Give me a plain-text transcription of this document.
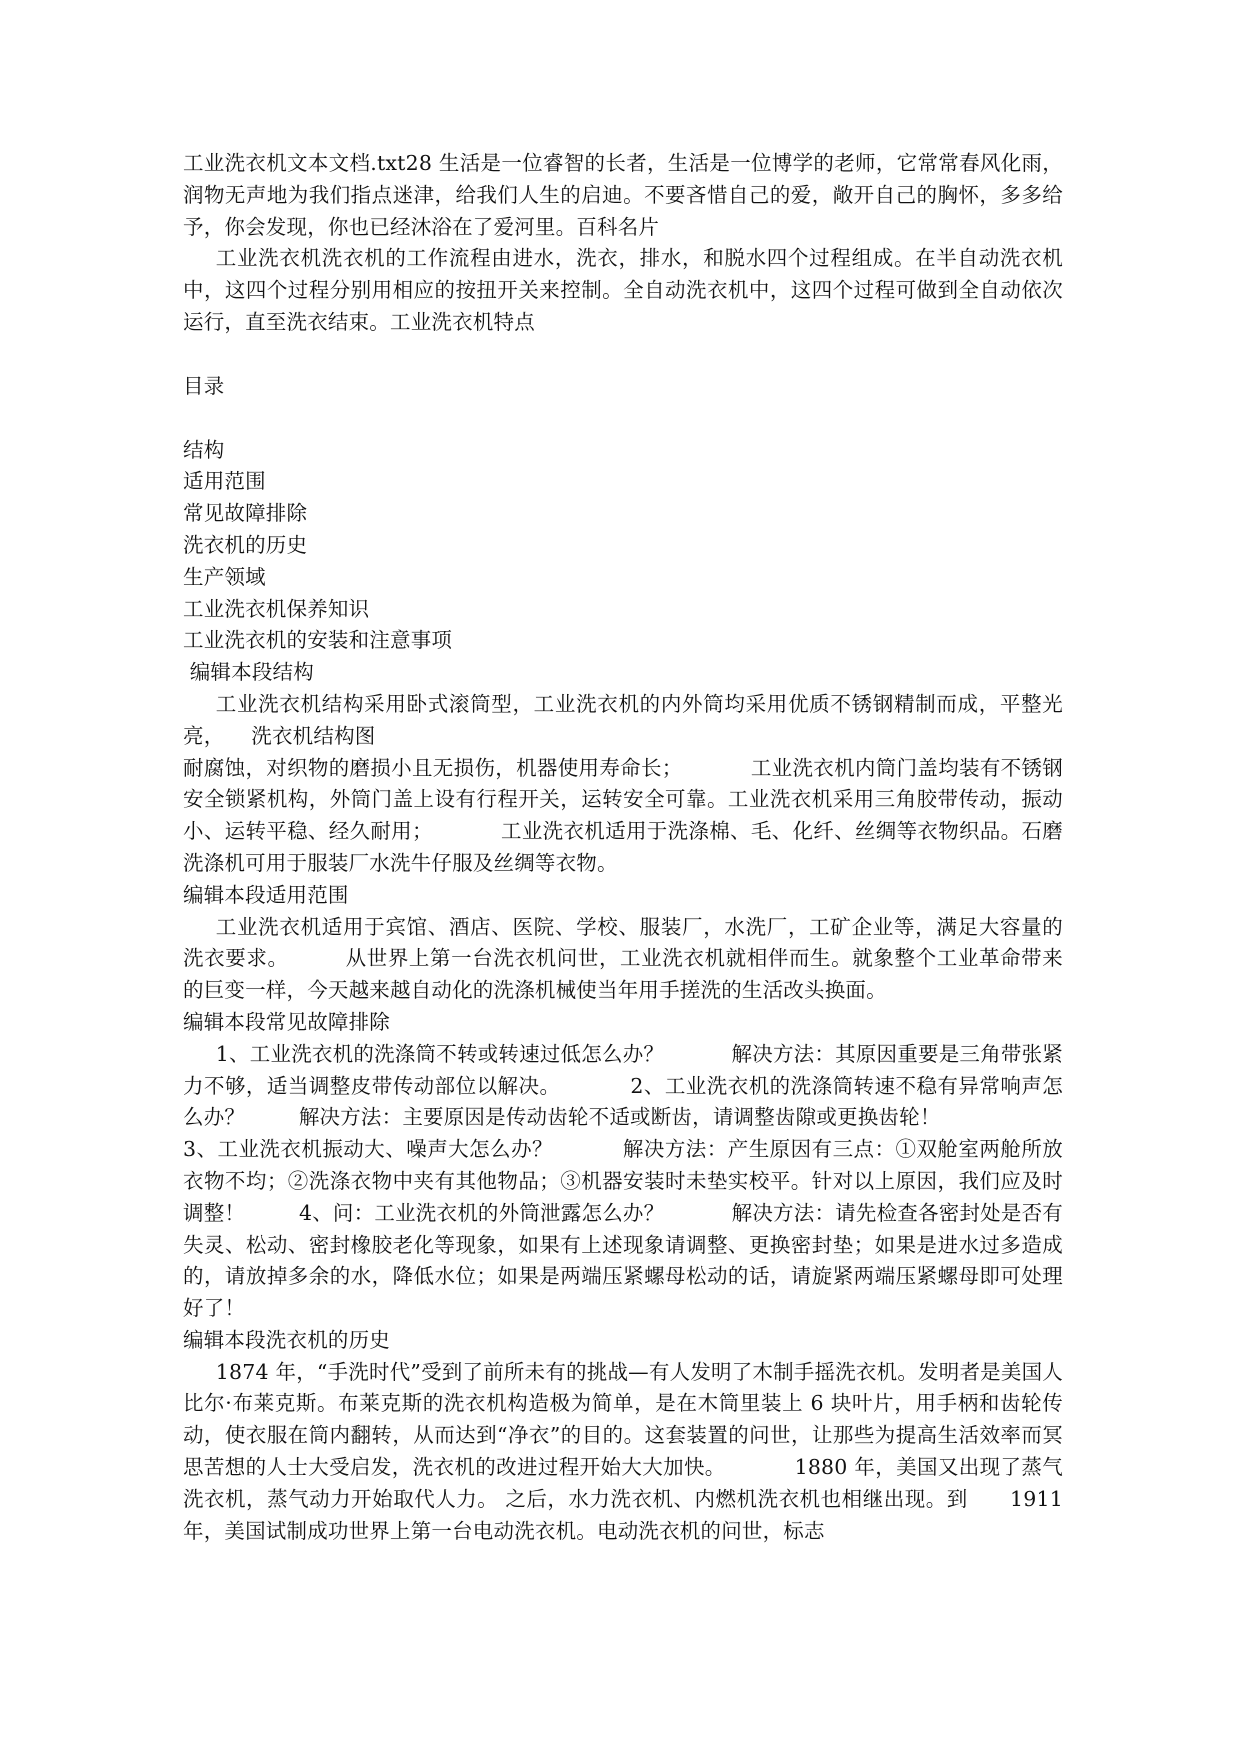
工业洗衣机文本文档.txt28 生活是一位睿智的长者，生活是一位博学的老师，它常常春风化雨，润物无声地为我们指点迷津，给我们人生的启迪。不要吝惜自己的爱，敞开自己的胸怀，多多给予，你会发现，你也已经沐浴在了爱河里。百科名片

工业洗衣机洗衣机的工作流程由进水，洗衣，排水，和脱水四个过程组成。在半自动洗衣机中，这四个过程分别用相应的按扭开关来控制。全自动洗衣机中，这四个过程可做到全自动依次运行，直至洗衣结束。工业洗衣机特点

目录

结构

适用范围

常见故障排除

洗衣机的历史

生产领域

工业洗衣机保养知识

工业洗衣机的安装和注意事项

编辑本段结构

工业洗衣机结构采用卧式滚筒型，工业洗衣机的内外筒均采用优质不锈钢精制而成，平整光亮，    洗衣机结构图

耐腐蚀，对织物的磨损小且无损伤，机器使用寿命长；          工业洗衣机内筒门盖均装有不锈钢安全锁紧机构，外筒门盖上设有行程开关，运转安全可靠。工业洗衣机采用三角胶带传动，振动小、运转平稳、经久耐用；          工业洗衣机适用于洗涤棉、毛、化纤、丝绸等衣物织品。石磨洗涤机可用于服装厂水洗牛仔服及丝绸等衣物。

编辑本段适用范围

工业洗衣机适用于宾馆、酒店、医院、学校、服装厂，水洗厂，工矿企业等，满足大容量的洗衣要求。        从世界上第一台洗衣机问世，工业洗衣机就相伴而生。就象整个工业革命带来的巨变一样，今天越来越自动化的洗涤机械使当年用手搓洗的生活改头换面。

编辑本段常见故障排除

1、工业洗衣机的洗涤筒不转或转速过低怎么办？          解决方法：其原因重要是三角带张紧力不够，适当调整皮带传动部位以解决。          2、工业洗衣机的洗涤筒转速不稳有异常响声怎么办？        解决方法：主要原因是传动齿轮不适或断齿，请调整齿隙或更换齿轮！

3、工业洗衣机振动大、噪声大怎么办？          解决方法：产生原因有三点：①双舱室两舱所放衣物不均；②洗涤衣物中夹有其他物品；③机器安装时未垫实校平。针对以上原因，我们应及时调整！        4、问：工业洗衣机的外筒泄露怎么办？          解决方法：请先检查各密封处是否有失灵、松动、密封橡胶老化等现象，如果有上述现象请调整、更换密封垫；如果是进水过多造成的，请放掉多余的水，降低水位；如果是两端压紧螺母松动的话，请旋紧两端压紧螺母即可处理好了！

编辑本段洗衣机的历史

1874 年，“手洗时代”受到了前所未有的挑战—有人发明了木制手摇洗衣机。发明者是美国人比尔·布莱克斯。布莱克斯的洗衣机构造极为简单，是在木筒里装上 6 块叶片，用手柄和齿轮传动，使衣服在筒内翻转，从而达到“净衣”的目的。这套装置的问世，让那些为提高生活效率而冥思苦想的人士大受启发，洗衣机的改进过程开始大大加快。          1880 年，美国又出现了蒸气洗衣机，蒸气动力开始取代人力。 之后，水力洗衣机、内燃机洗衣机也相继出现。到      1911 年，美国试制成功世界上第一台电动洗衣机。电动洗衣机的问世，标志
